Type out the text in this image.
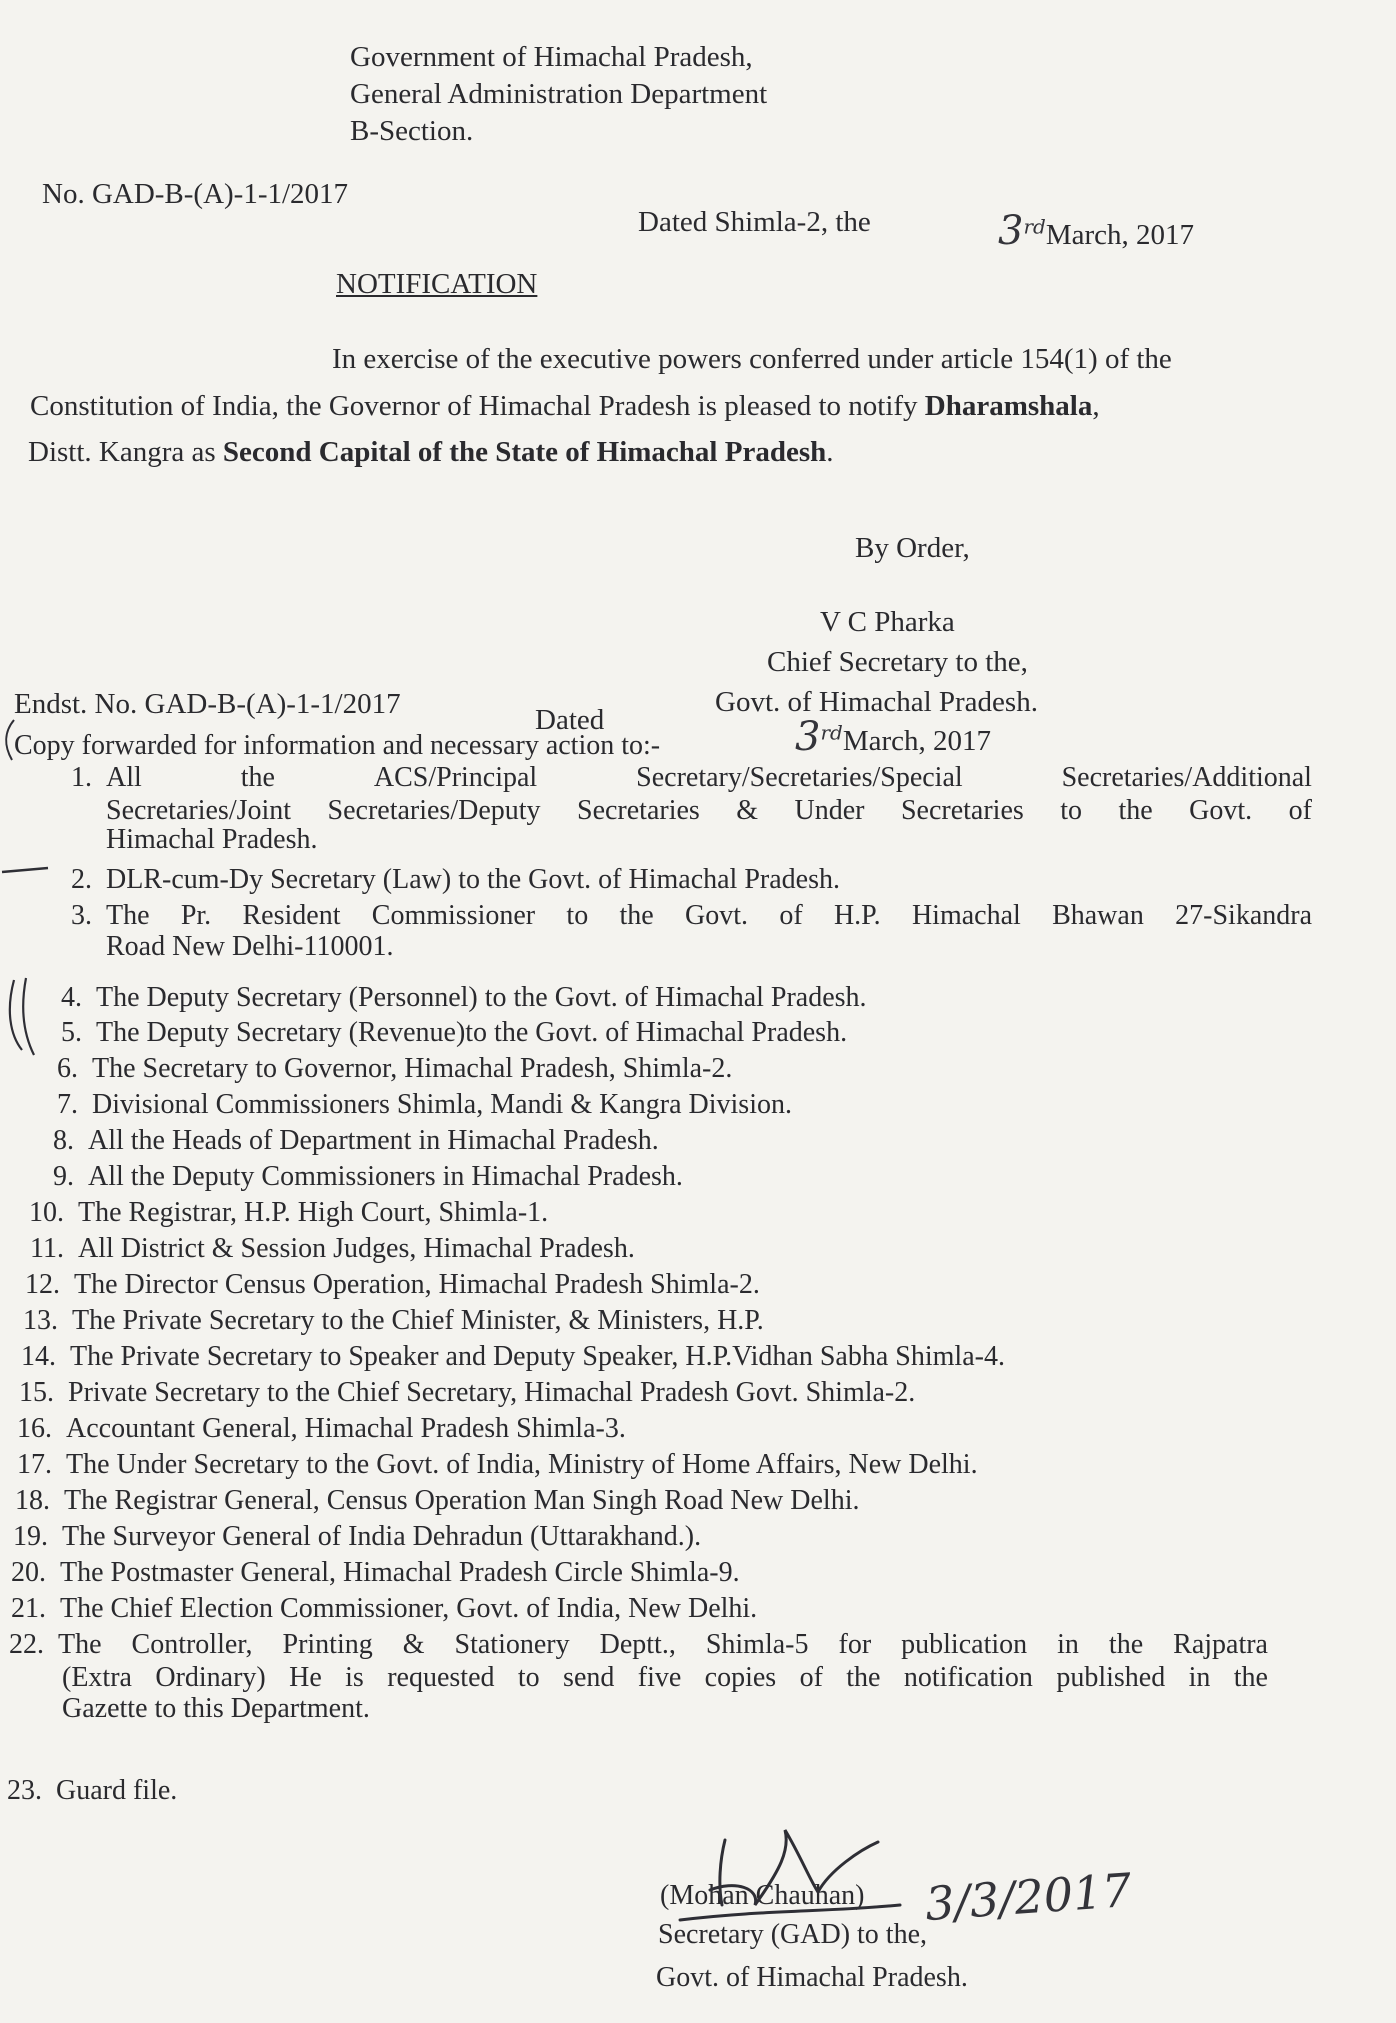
Government of Himachal Pradesh,
General Administration Department
B-Section.
No. GAD-B-(A)-1-1/2017
Dated Shimla-2, the	3rdMarch, 2017
NOTIFICATION
In exercise of the executive powers conferred under article 154(1) of the
Constitution of India, the Governor of Himachal Pradesh is pleased to notify Dharamshala,
Distt. Kangra as Second Capital of the State of Himachal Pradesh.
By Order,
V C Pharka
Chief Secretary to the,
Govt. of Himachal Pradesh.
Endst. No. GAD-B-(A)-1-1/2017	Dated	3rdMarch, 2017
Copy forwarded for information and necessary action to:-
1. All	the	ACS/Principal	Secretary/Secretaries/Special	Secretaries/Additional
Secretaries/Joint Secretaries/Deputy Secretaries & Under Secretaries to the Govt. of
Himachal Pradesh.
2. DLR-cum-Dy Secretary (Law) to the Govt. of Himachal Pradesh.
3. The Pr. Resident Commissioner to the Govt. of H.P. Himachal Bhawan 27-Sikandra
Road New Delhi-110001.
4. The Deputy Secretary (Personnel) to the Govt. of Himachal Pradesh.
5. The Deputy Secretary (Revenue)to the Govt. of Himachal Pradesh.
6. The Secretary to Governor, Himachal Pradesh, Shimla-2.
7. Divisional Commissioners Shimla, Mandi & Kangra Division.
8. All the Heads of Department in Himachal Pradesh.
9. All the Deputy Commissioners in Himachal Pradesh.
10. The Registrar, H.P. High Court, Shimla-1.
11. All District & Session Judges, Himachal Pradesh.
12. The Director Census Operation, Himachal Pradesh Shimla-2.
13. The Private Secretary to the Chief Minister, & Ministers, H.P.
14. The Private Secretary to Speaker and Deputy Speaker, H.P.Vidhan Sabha Shimla-4.
15. Private Secretary to the Chief Secretary, Himachal Pradesh Govt. Shimla-2.
16. Accountant General, Himachal Pradesh Shimla-3.
17. The Under Secretary to the Govt. of India, Ministry of Home Affairs, New Delhi.
18. The Registrar General, Census Operation Man Singh Road New Delhi.
19. The Surveyor General of India Dehradun (Uttarakhand.).
20. The Postmaster General, Himachal Pradesh Circle Shimla-9.
21. The Chief Election Commissioner, Govt. of India, New Delhi.
22. The Controller, Printing & Stationery Deptt., Shimla-5 for publication in the Rajpatra
(Extra Ordinary) He is requested to send five copies of the notification published in the
Gazette to this Department.
23. Guard file.
(Mohan Chauhan)
Secretary (GAD) to the,
Govt. of Himachal Pradesh.
3/3/2017
